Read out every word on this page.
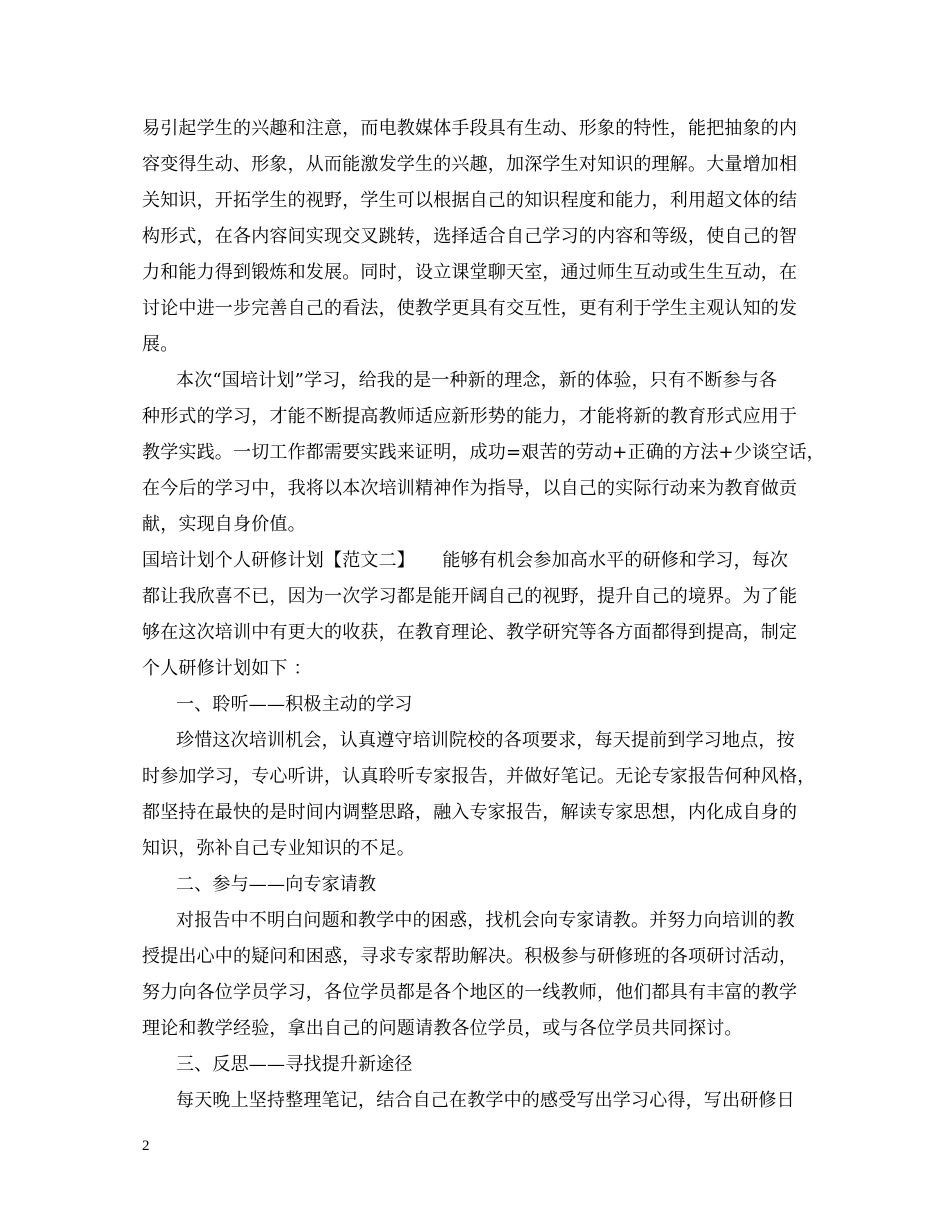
易引起学生的兴趣和注意，而电教媒体手段具有生动、形象的特性，能把抽象的内
容变得生动、形象，从而能激发学生的兴趣，加深学生对知识的理解。大量增加相
关知识，开拓学生的视野，学生可以根据自己的知识程度和能力，利用超文体的结
构形式，在各内容间实现交叉跳转，选择适合自己学习的内容和等级，使自己的智
力和能力得到锻炼和发展。同时，设立课堂聊天室，通过师生互动或生生互动，在
讨论中进一步完善自己的看法，使教学更具有交互性，更有利于学生主观认知的发
展。
本次“国培计划”学习，给我的是一种新的理念，新的体验，只有不断参与各
种形式的学习，才能不断提高教师适应新形势的能力，才能将新的教育形式应用于
教学实践。一切工作都需要实践来证明，成功=艰苦的劳动+正确的方法+少谈空话，
在今后的学习中，我将以本次培训精神作为指导，以自己的实际行动来为教育做贡
献，实现自身价值。
国培计划个人研修计划【范文二】　　能够有机会参加高水平的研修和学习，每次
都让我欣喜不已，因为一次学习都是能开阔自己的视野，提升自己的境界。为了能
够在这次培训中有更大的收获，在教育理论、教学研究等各方面都得到提高，制定
个人研修计划如下 ：
一、聆听——积极主动的学习
珍惜这次培训机会，认真遵守培训院校的各项要求，每天提前到学习地点，按
时参加学习，专心听讲，认真聆听专家报告，并做好笔记。无论专家报告何种风格，
都坚持在最快的是时间内调整思路，融入专家报告，解读专家思想，内化成自身的
知识，弥补自己专业知识的不足。
二、参与——向专家请教
对报告中不明白问题和教学中的困惑，找机会向专家请教。并努力向培训的教
授提出心中的疑问和困惑，寻求专家帮助解决。积极参与研修班的各项研讨活动，
努力向各位学员学习，各位学员都是各个地区的一线教师，他们都具有丰富的教学
理论和教学经验，拿出自己的问题请教各位学员，或与各位学员共同探讨。
三、反思——寻找提升新途径
每天晚上坚持整理笔记，结合自己在教学中的感受写出学习心得，写出研修日
2
